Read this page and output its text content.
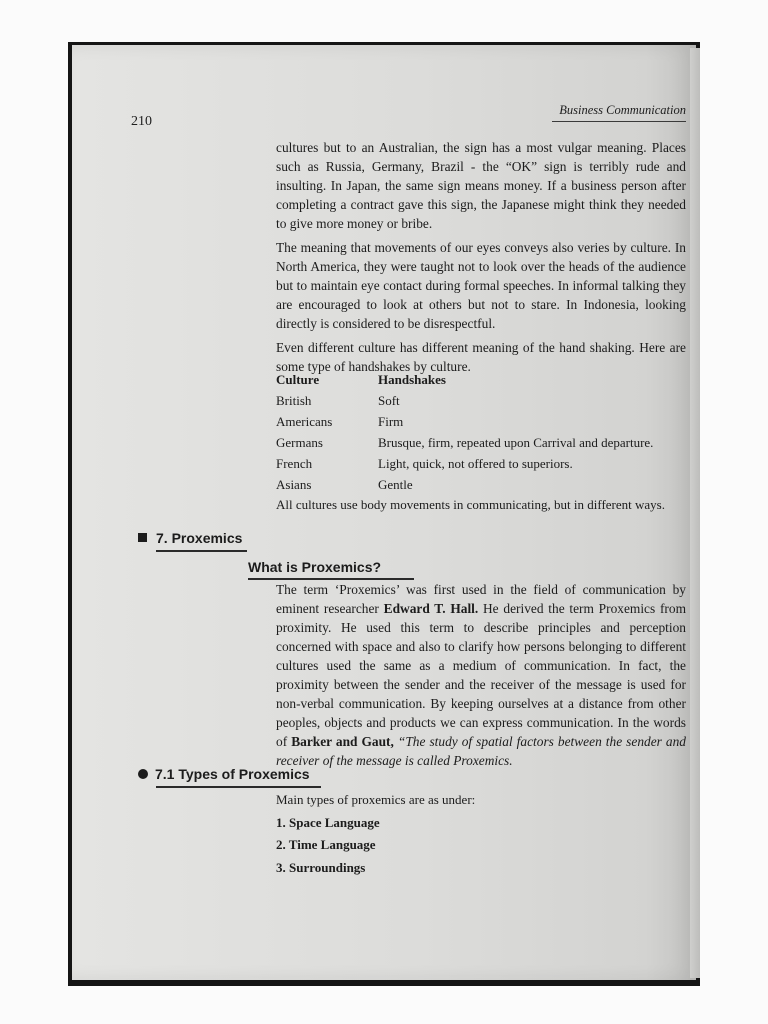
210
Business Communication

cultures but to an Australian, the sign has a most vulgar meaning. Places such as Russia, Germany, Brazil - the “OK” sign is terribly rude and insulting. In Japan, the same sign means money. If a business person after completing a contract gave this sign, the Japanese might think they needed to give more money or bribe.

The meaning that movements of our eyes conveys also veries by culture. In North America, they were taught not to look over the heads of the audience but to maintain eye contact during formal speeches. In informal talking they are encouraged to look at others but not to stare. In Indonesia, looking directly is considered to be disrespectful.

Even different culture has different meaning of the hand shaking. Here are some type of handshakes by culture.

Culture	Handshakes
British	Soft
Americans	Firm
Germans	Brusque, firm, repeated upon Carrival and departure.
French	Light, quick, not offered to superiors.
Asians	Gentle
All cultures use body movements in communicating, but in different ways.
7. Proxemics
What is Proxemics?

The term ‘Proxemics’ was first used in the field of communication by eminent researcher Edward T. Hall. He derived the term Proxemics from proximity. He used this term to describe principles and perception concerned with space and also to clarify how persons belonging to different cultures used the same as a medium of communication. In fact, the proximity between the sender and the receiver of the message is used for non-verbal communication. By keeping ourselves at a distance from other peoples, objects and products we can express communication. In the words of Barker and Gaut, “The study of spatial factors between the sender and receiver of the message is called Proxemics.

7.1 Types of Proxemics
Main types of proxemics are as under:
1. Space Language
2. Time Language
3. Surroundings
